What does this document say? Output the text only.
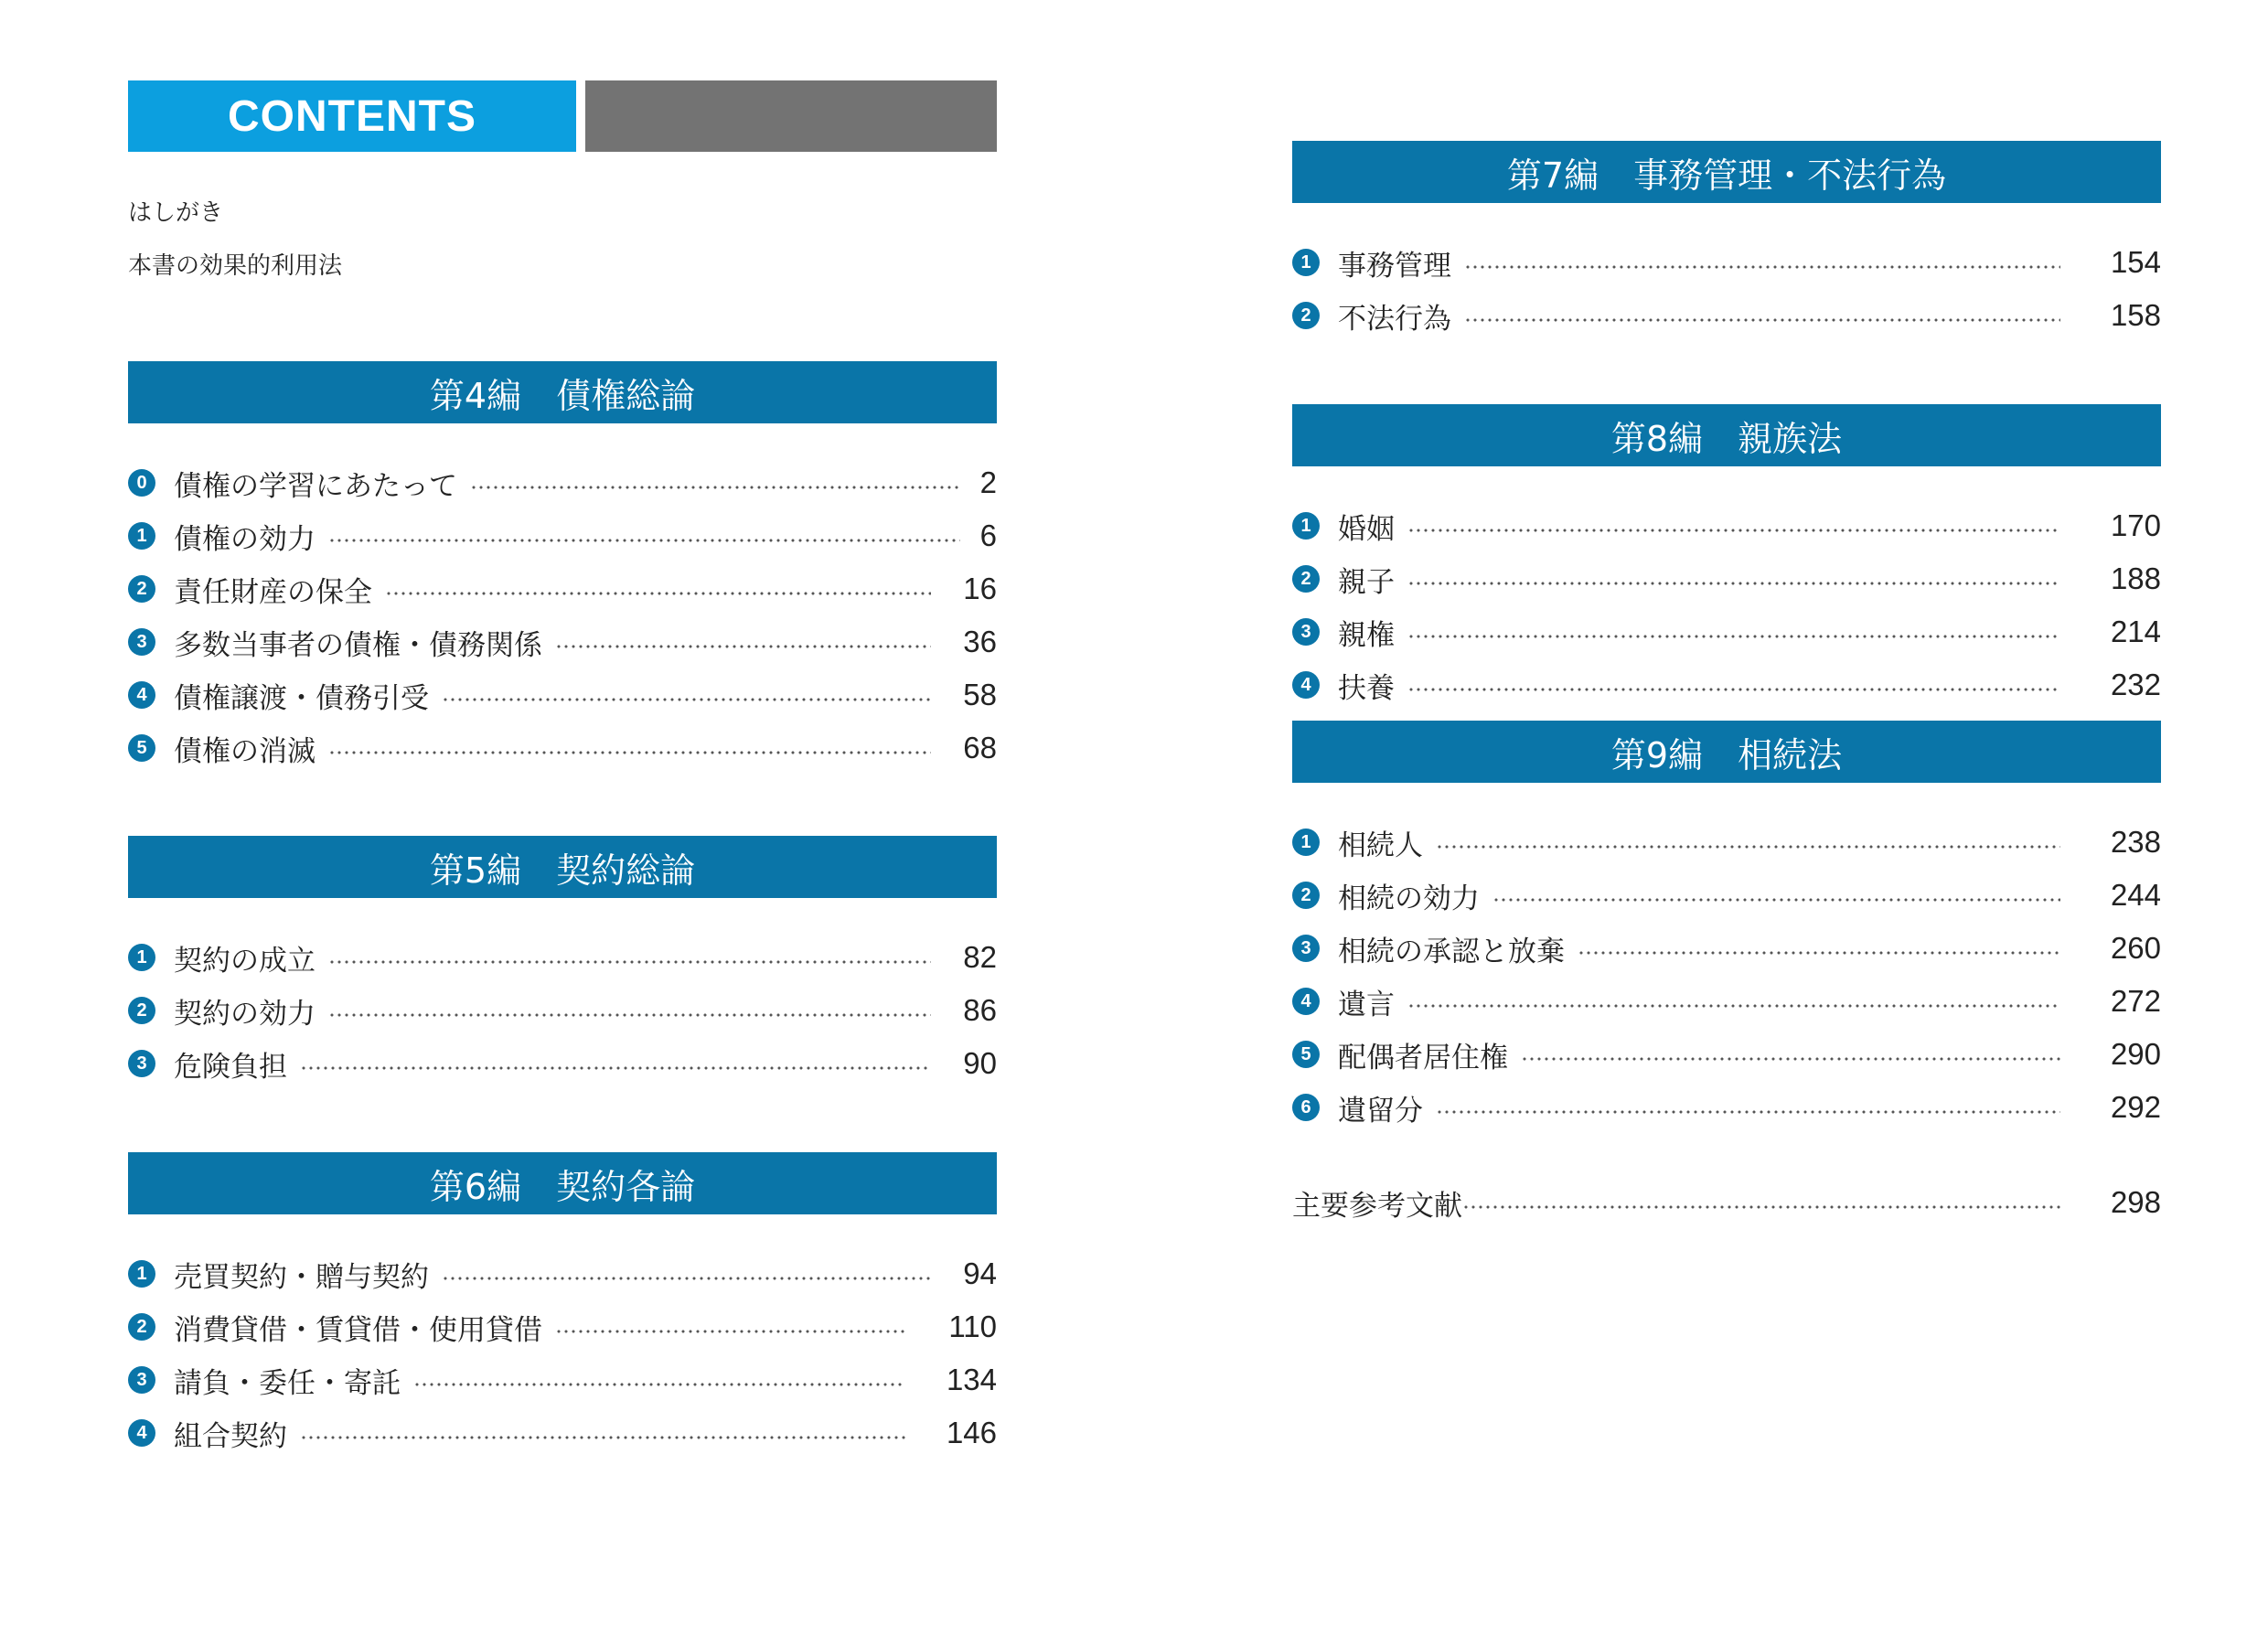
CONTENTS
はしがき
本書の効果的利用法
第4編　債権総論
0 債権の学習にあたって	2
1 債権の効力	6
2 責任財産の保全	16
3 多数当事者の債権・債務関係	36
4 債権譲渡・債務引受	58
5 債権の消滅	68
第5編　契約総論
1 契約の成立	82
2 契約の効力	86
3 危険負担	90
第6編　契約各論
1 売買契約・贈与契約	94
2 消費貸借・賃貸借・使用貸借	110
3 請負・委任・寄託	134
4 組合契約	146
第7編　事務管理・不法行為
1 事務管理	154
2 不法行為	158
第8編　親族法
1 婚姻	170
2 親子	188
3 親権	214
4 扶養	232
第9編　相続法
1 相続人	238
2 相続の効力	244
3 相続の承認と放棄	260
4 遺言	272
5 配偶者居住権	290
6 遺留分	292
主要参考文献	298
